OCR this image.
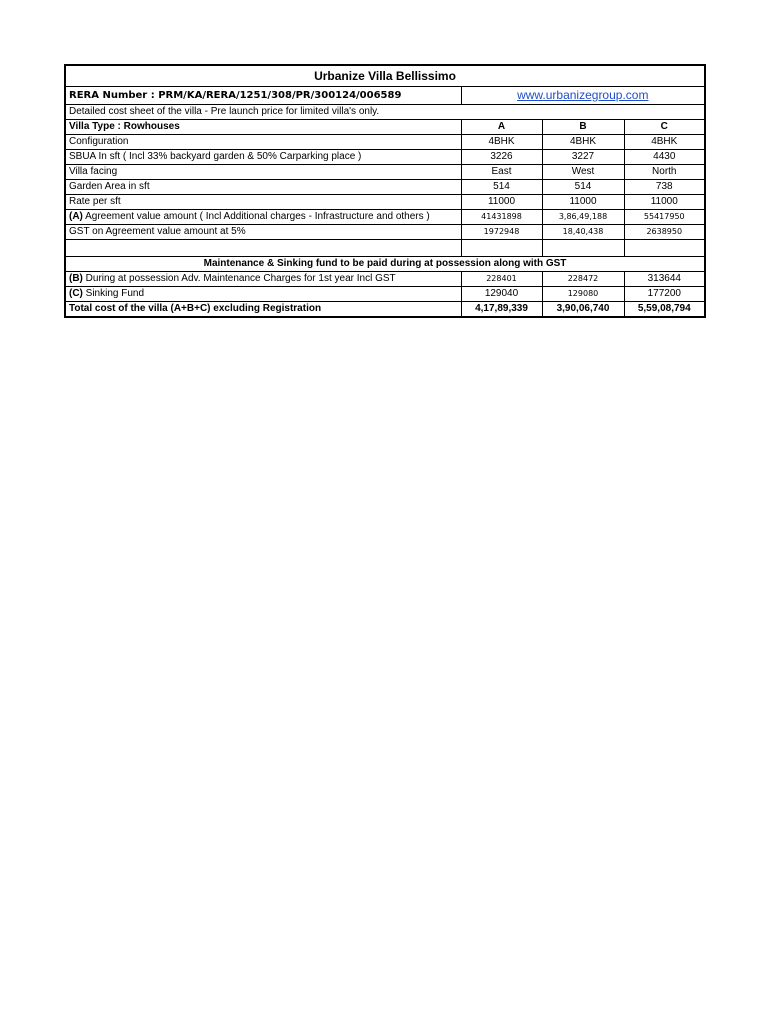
Urbanize Villa Bellissimo			
RERA Number : PRM/KA/RERA/1251/308/PR/300124/006589	www.urbanizegroup.com		
Detailed cost sheet of the villa - Pre launch price for limited villa's only.			
Villa Type : Rowhouses	A	B	C
Configuration	4BHK	4BHK	4BHK
SBUA In sft ( Incl 33% backyard garden & 50% Carparking place )	3226	3227	4430
Villa facing	East	West	North
Garden Area in sft	514	514	738
Rate per sft	11000	11000	11000
(A) Agreement value amount ( Incl Additional charges - Infrastructure and others )	41431898	3,86,49,188	55417950
GST on Agreement value amount at 5%	1972948	18,40,438	2638950

Maintenance & Sinking fund to be paid during at possession along with GST			
(B) During at possession Adv. Maintenance Charges for 1st year Incl GST	228401	228472	313644
(C) Sinking Fund	129040	129080	177200
Total cost of the villa (A+B+C) excluding Registration	4,17,89,339	3,90,06,740	5,59,08,794
